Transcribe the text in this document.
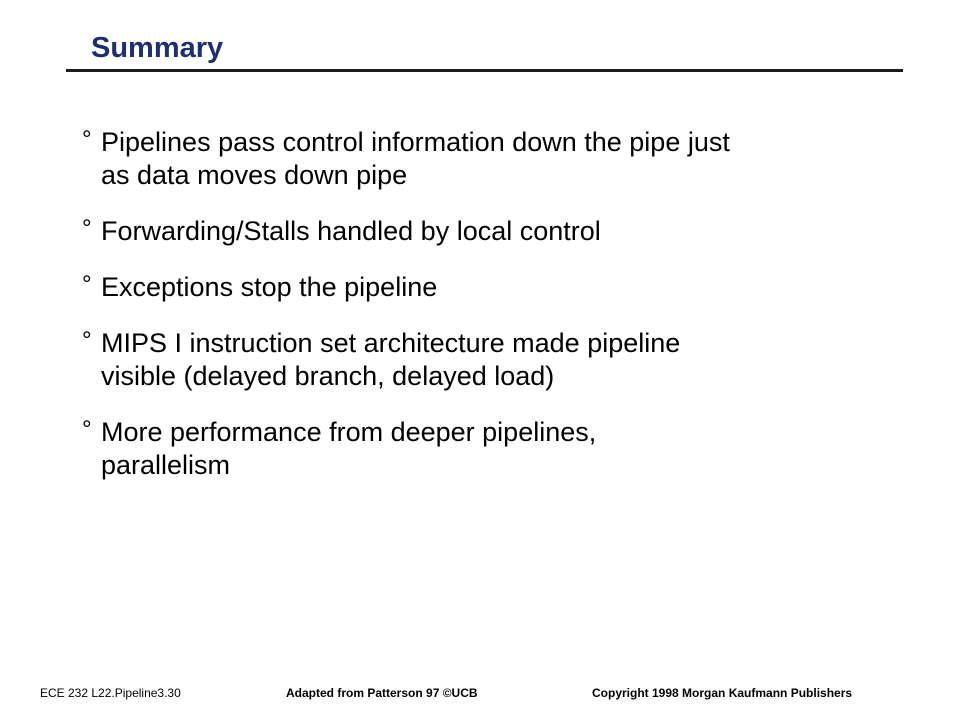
Summary
° Pipelines pass control information down the pipe just
as data moves down pipe
° Forwarding/Stalls handled by local control
° Exceptions stop the pipeline
° MIPS I instruction set architecture made pipeline
visible (delayed branch, delayed load)
° More performance from deeper pipelines,
parallelism
ECE 232 L22.Pipeline3.30	Adapted from Patterson 97 ©UCB	Copyright 1998 Morgan Kaufmann Publishers
